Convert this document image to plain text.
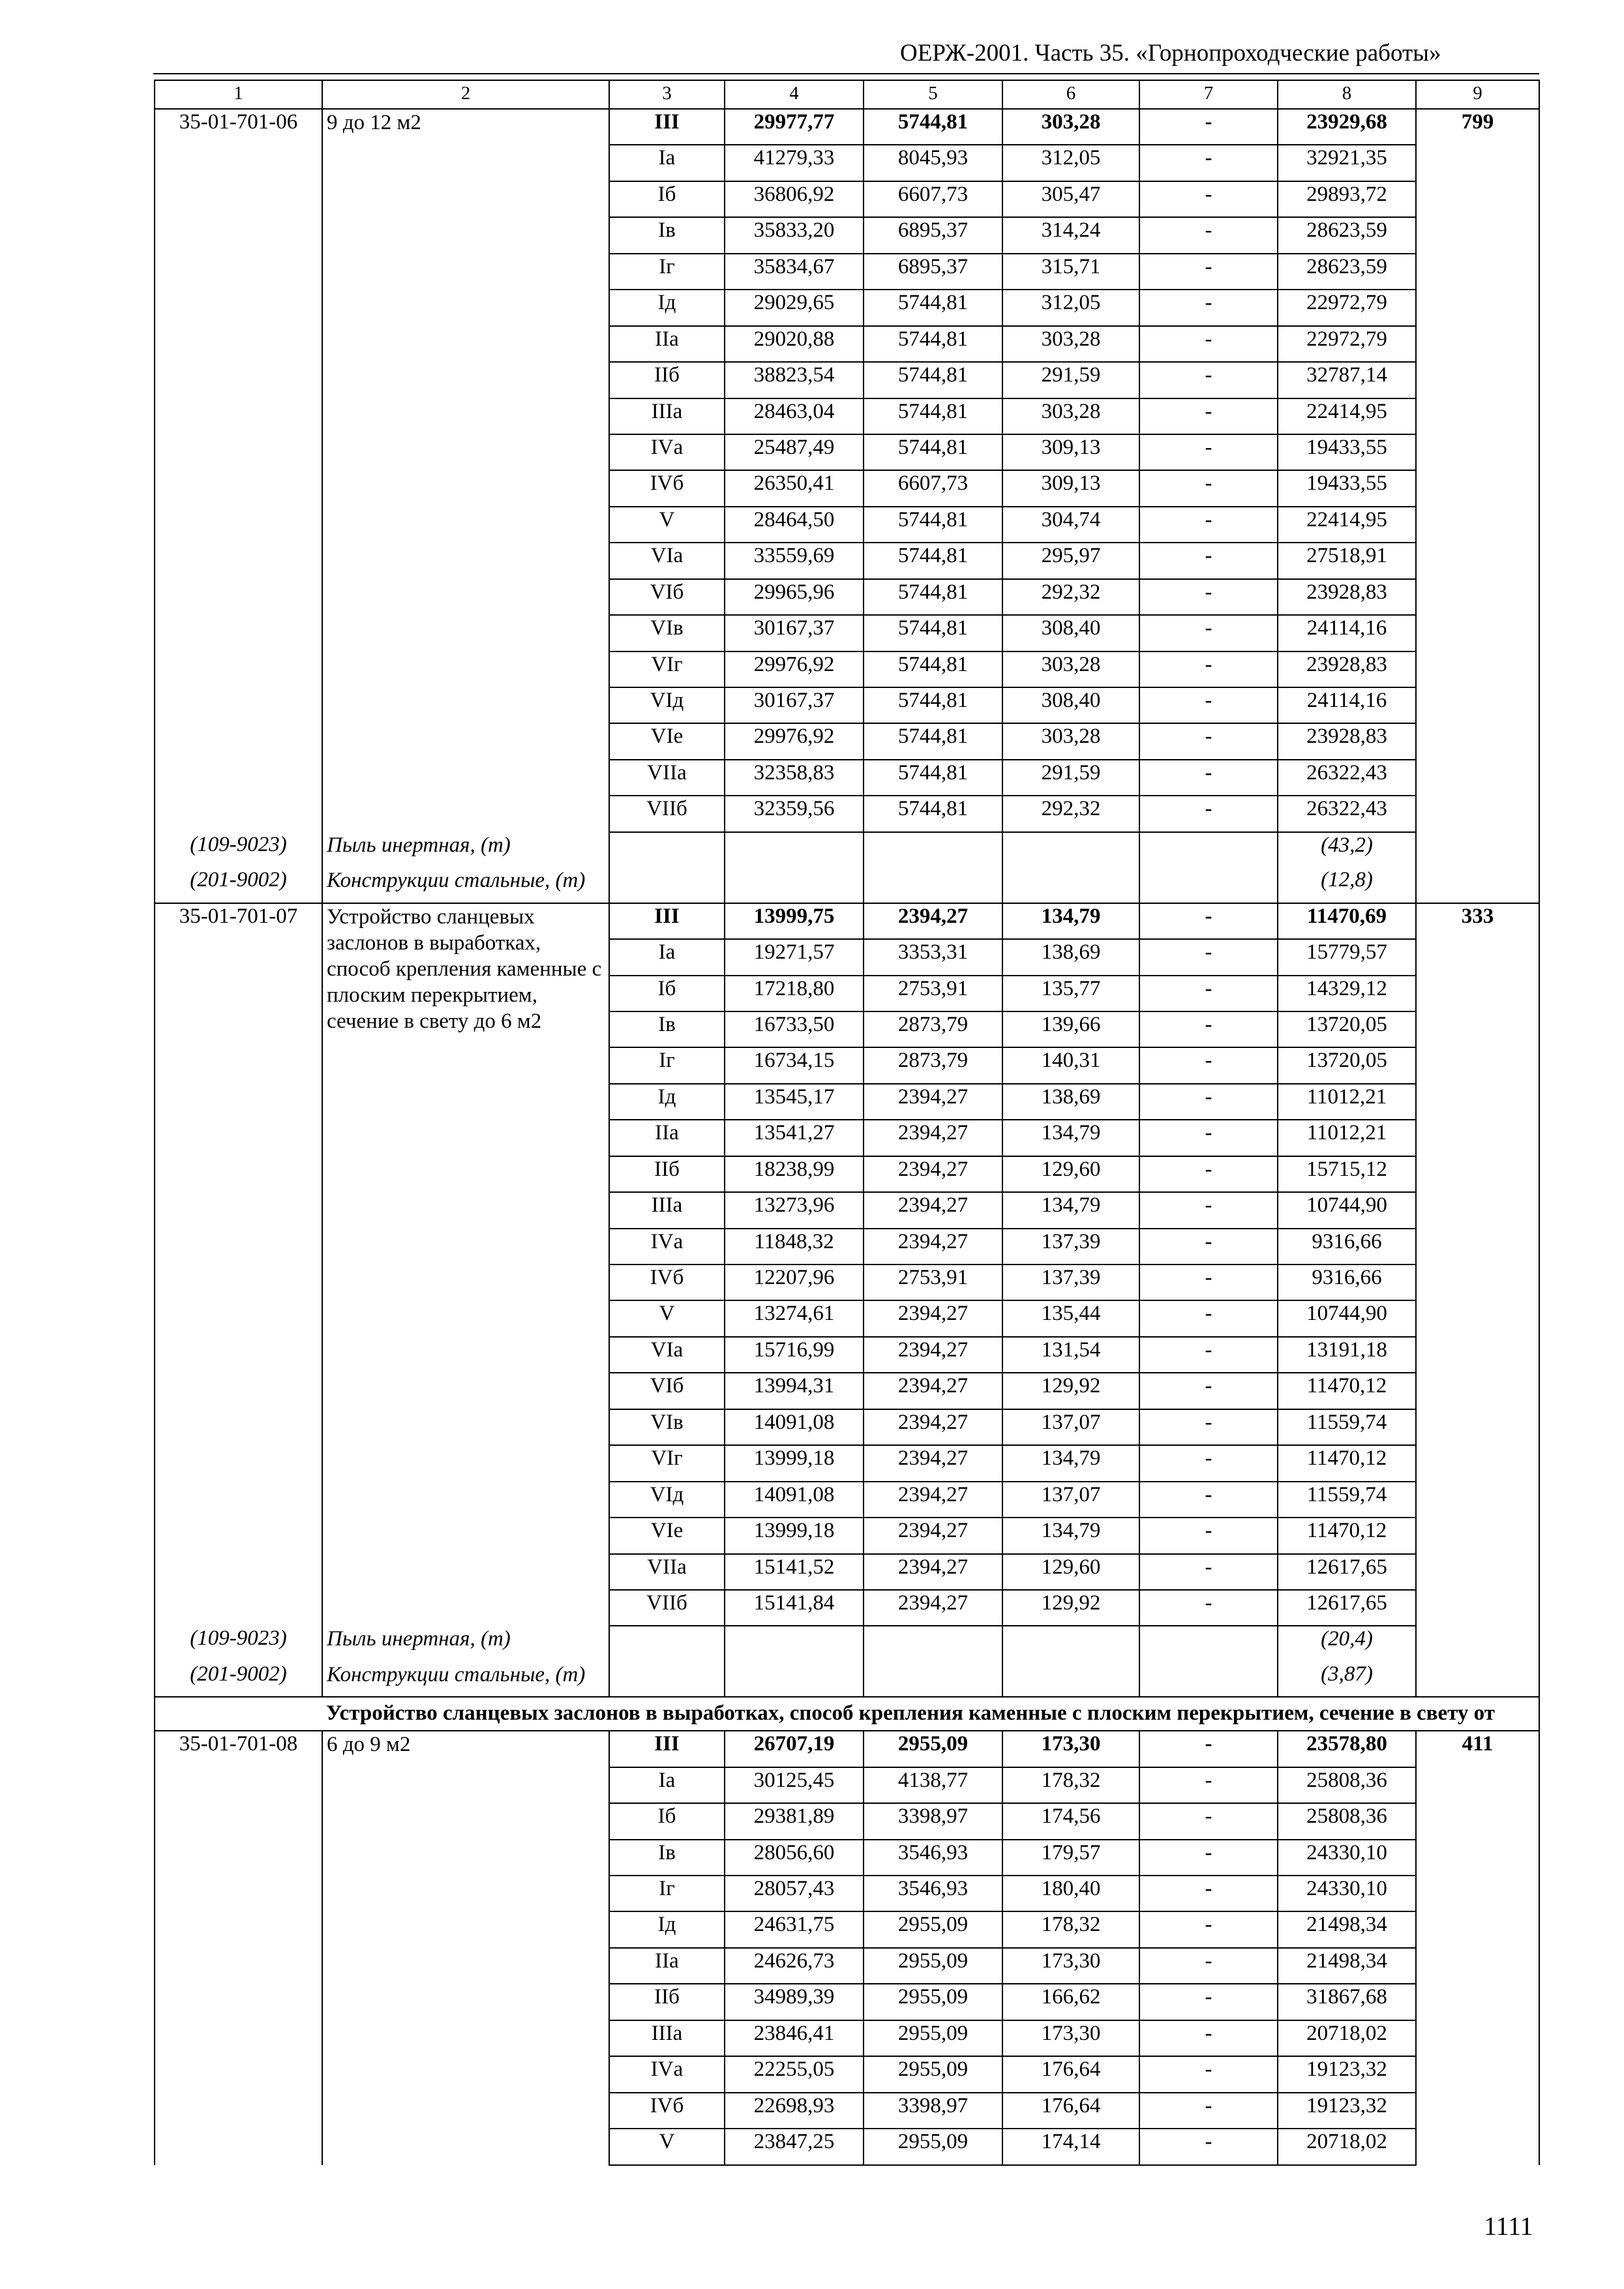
ОЕРЖ-2001. Часть 35. «Горнопроходческие работы»
1	2	3	4	5	6	7	8	9
35-01-701-06	9 до 12 м2	III	29977,77	5744,81	303,28	-	23929,68	799
		Iа	41279,33	8045,93	312,05	-	32921,35	
		Iб	36806,92	6607,73	305,47	-	29893,72	
		Iв	35833,20	6895,37	314,24	-	28623,59	
		Iг	35834,67	6895,37	315,71	-	28623,59	
		Iд	29029,65	5744,81	312,05	-	22972,79	
		IIа	29020,88	5744,81	303,28	-	22972,79	
		IIб	38823,54	5744,81	291,59	-	32787,14	
		IIIа	28463,04	5744,81	303,28	-	22414,95	
		IVа	25487,49	5744,81	309,13	-	19433,55	
		IVб	26350,41	6607,73	309,13	-	19433,55	
		V	28464,50	5744,81	304,74	-	22414,95	
		VIа	33559,69	5744,81	295,97	-	27518,91	
		VIб	29965,96	5744,81	292,32	-	23928,83	
		VIв	30167,37	5744,81	308,40	-	24114,16	
		VIг	29976,92	5744,81	303,28	-	23928,83	
		VIд	30167,37	5744,81	308,40	-	24114,16	
		VIе	29976,92	5744,81	303,28	-	23928,83	
		VIIа	32358,83	5744,81	291,59	-	26322,43	
		VIIб	32359,56	5744,81	292,32	-	26322,43	
(109-9023)	Пыль инертная, (т)						(43,2)	
(201-9002)	Конструкции стальные, (т)						(12,8)	
35-01-701-07	Устройство сланцевых заслонов в выработках, способ крепления каменные с плоским перекрытием, сечение в свету до 6 м2	III	13999,75	2394,27	134,79	-	11470,69	333
		Iа	19271,57	3353,31	138,69	-	15779,57	
		Iб	17218,80	2753,91	135,77	-	14329,12	
		Iв	16733,50	2873,79	139,66	-	13720,05	
		Iг	16734,15	2873,79	140,31	-	13720,05	
		Iд	13545,17	2394,27	138,69	-	11012,21	
		IIа	13541,27	2394,27	134,79	-	11012,21	
		IIб	18238,99	2394,27	129,60	-	15715,12	
		IIIа	13273,96	2394,27	134,79	-	10744,90	
		IVа	11848,32	2394,27	137,39	-	9316,66	
		IVб	12207,96	2753,91	137,39	-	9316,66	
		V	13274,61	2394,27	135,44	-	10744,90	
		VIа	15716,99	2394,27	131,54	-	13191,18	
		VIб	13994,31	2394,27	129,92	-	11470,12	
		VIв	14091,08	2394,27	137,07	-	11559,74	
		VIг	13999,18	2394,27	134,79	-	11470,12	
		VIд	14091,08	2394,27	137,07	-	11559,74	
		VIе	13999,18	2394,27	134,79	-	11470,12	
		VIIа	15141,52	2394,27	129,60	-	12617,65	
		VIIб	15141,84	2394,27	129,92	-	12617,65	
(109-9023)	Пыль инертная, (т)						(20,4)	
(201-9002)	Конструкции стальные, (т)						(3,87)	
	Устройство сланцевых заслонов в выработках, способ крепления каменные с плоским перекрытием, сечение в свету от							
35-01-701-08	6 до 9 м2	III	26707,19	2955,09	173,30	-	23578,80	411
		Iа	30125,45	4138,77	178,32	-	25808,36	
		Iб	29381,89	3398,97	174,56	-	25808,36	
		Iв	28056,60	3546,93	179,57	-	24330,10	
		Iг	28057,43	3546,93	180,40	-	24330,10	
		Iд	24631,75	2955,09	178,32	-	21498,34	
		IIа	24626,73	2955,09	173,30	-	21498,34	
		IIб	34989,39	2955,09	166,62	-	31867,68	
		IIIа	23846,41	2955,09	173,30	-	20718,02	
		IVа	22255,05	2955,09	176,64	-	19123,32	
		IVб	22698,93	3398,97	176,64	-	19123,32	
		V	23847,25	2955,09	174,14	-	20718,02	
1111
